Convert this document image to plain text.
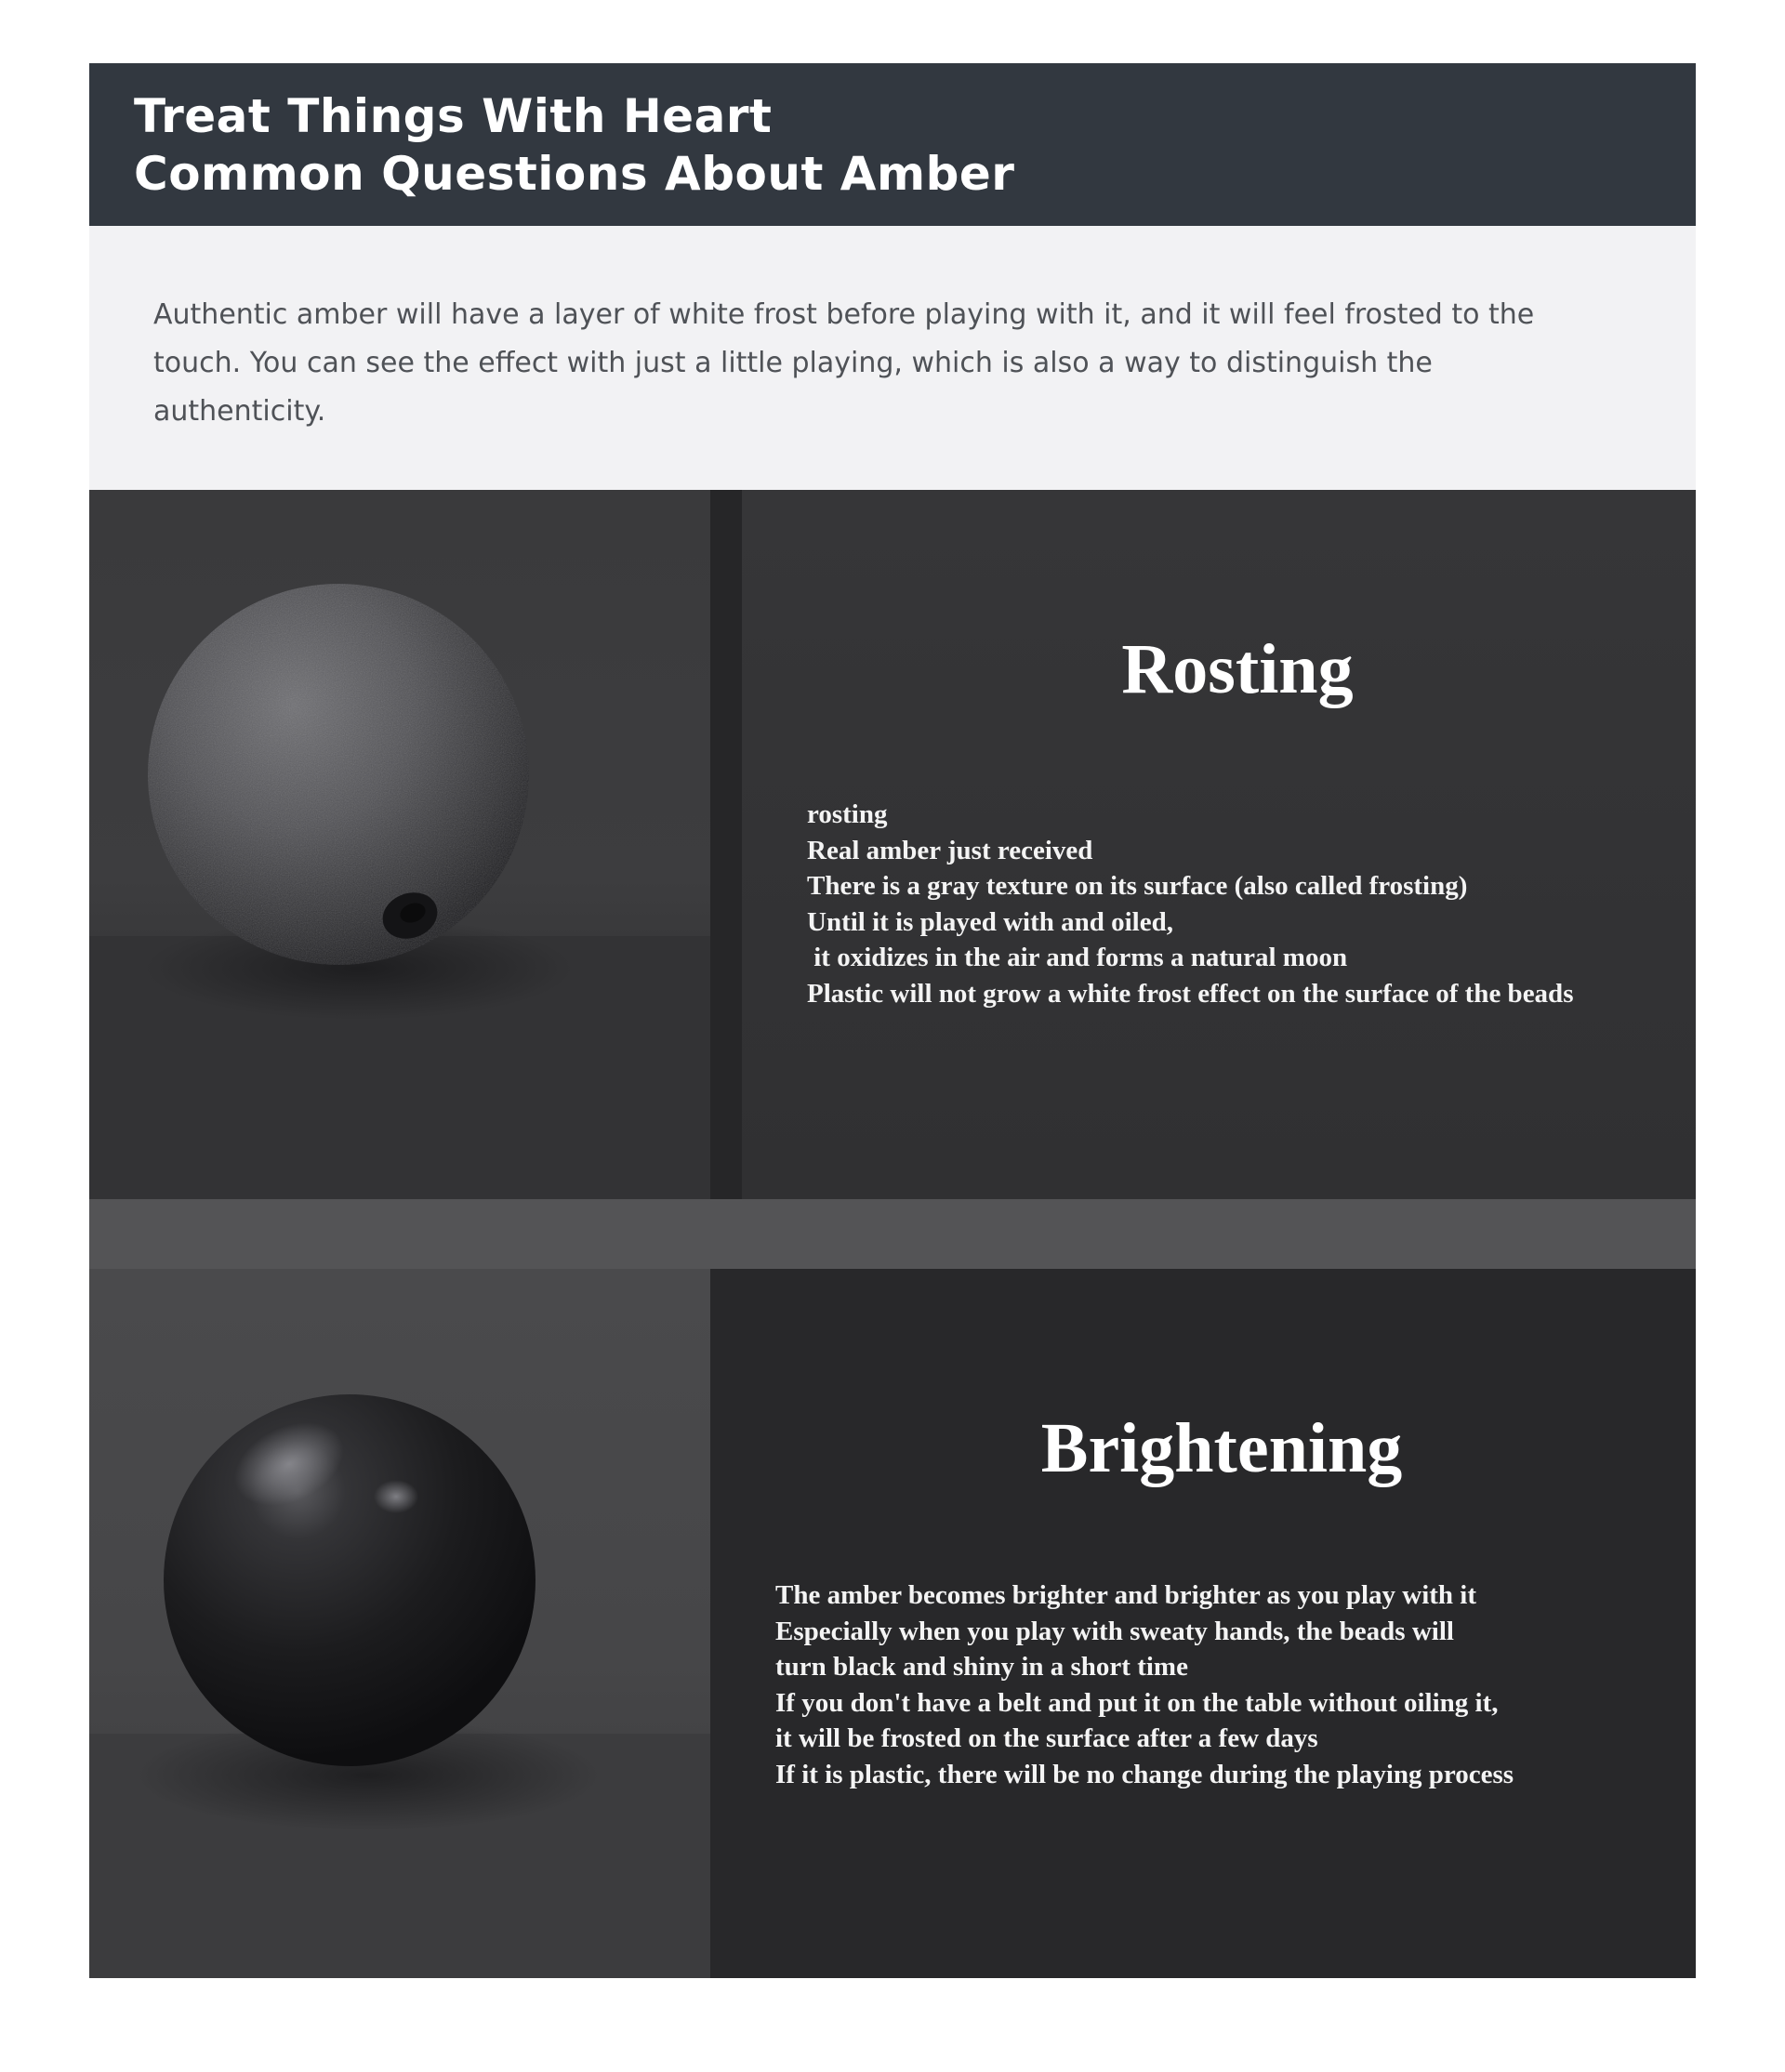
Treat Things With Heart
Common Questions About Amber

Authentic amber will have a layer of white frost before playing with it, and it will feel frosted to the touch. You can see the effect with just a little playing, which is also a way to distinguish the authenticity.

Rosting
rosting
Real amber just received
There is a gray texture on its surface (also called frosting)
Until it is played with and oiled,
it oxidizes in the air and forms a natural moon
Plastic will not grow a white frost effect on the surface of the beads
Brightening
The amber becomes brighter and brighter as you play with it
Especially when you play with sweaty hands, the beads will
turn black and shiny in a short time
If you don't have a belt and put it on the table without oiling it,
it will be frosted on the surface after a few days
If it is plastic, there will be no change during the playing process
